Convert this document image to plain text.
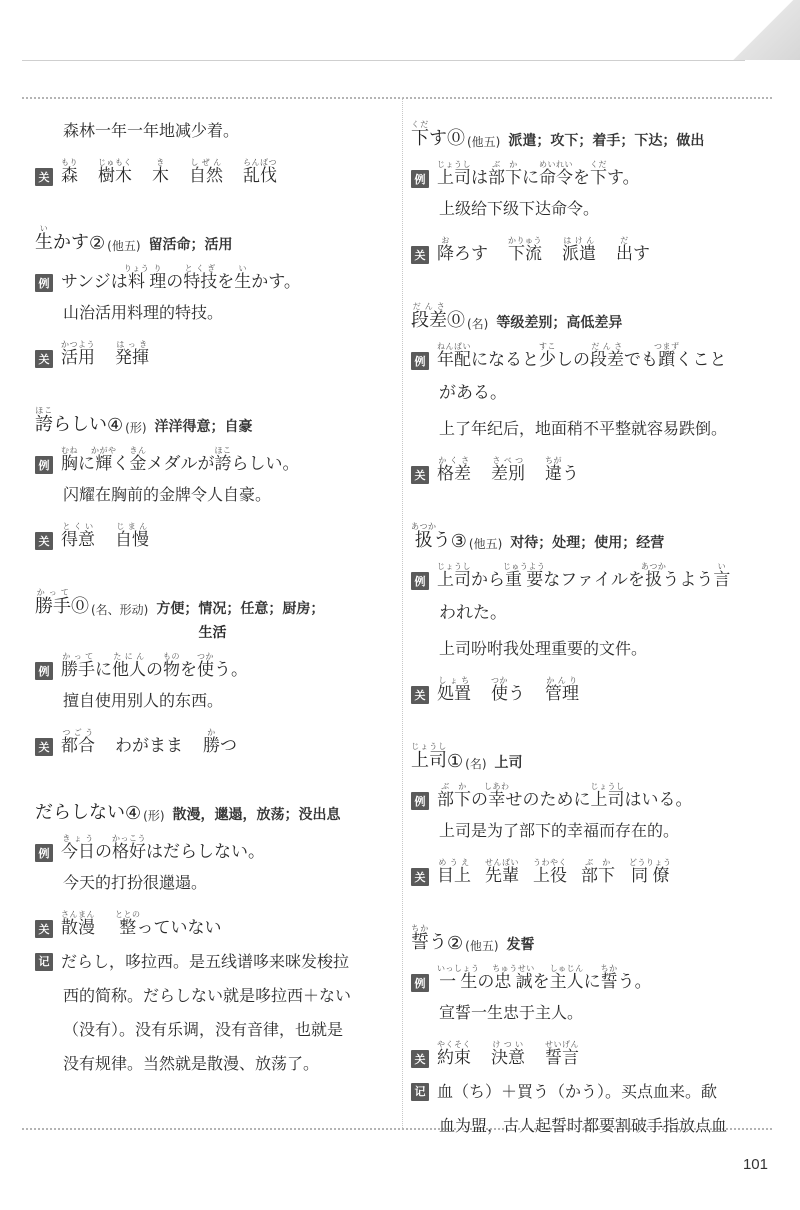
森林一年一年地减少着。
关 森もり
樹木じゅもく
木き
自然しぜん
乱伐らんばつ
生いかす ② (他五) 留活命；活用
例 サンジは料りょう理りの特技とくぎを生いかす。
山治活用料理的特技。
关 活用かつよう
発揮はっき
誇ほこらしい ④ (形) 洋洋得意；自豪
例 胸むねに輝かがやく金きんメダルが誇ほこらしい。
闪耀在胸前的金牌令人自豪。
关 得意とくい
自慢じまん
勝手かって
⓪ (名、形动) 方便；情况；任意；厨房；
生活
例 勝手かってに他人たにんの物ものを使つかう。
擅自使用别人的东西。
关 都合つごう
わがまま 勝かつ
だらしない ④ (形) 散漫，邋遢，放荡；没出息
例 今日きょうの格好かっこうはだらしない。
今天的打扮很邋遢。
关 散漫さんまん
整ととのっていない
记 だらし，哆拉西。是五线谱哆来咪发梭拉
西的简称。だらしない就是哆拉西＋ない
（没有）。没有乐调，没有音律，也就是
没有规律。当然就是散漫、放荡了。
下くだす ⓪ (他五) 派遣；攻下；着手；下达；做出
例 上司じょうしは部下ぶかに命令めいれいを下くだす。
上级给下级下达命令。
关 降おろす 下流かりゅう
派遣はけん
出だす
段差だんさ
⓪ (名) 等级差别；高低差异
例 年配ねんぱいになると少すこしの段差だんさでも躓つまずくこと
がある。
上了年纪后，地面稍不平整就容易跌倒。
关 格差かくさ
差別さべつ
違ちがう
扱あつかう ③ (他五) 对待；处理；使用；经营
例 上司じょうしから重要じゅうようなファイルを扱あつかうよう言い
われた。
上司吩咐我处理重要的文件。
关 処置しょち
使つかう 管理かんり
上司じょうし
① (名) 上司
例 部下ぶかの幸しあわせのために上司じょうしはいる。
上司是为了部下的幸福而存在的。
关 目上めうえ
先輩せんぱい
上役うわやく
部下ぶか
同僚どうりょう
誓ちかう ② (他五) 发誓
例 一生いっしょうの忠誠ちゅうせいを主人しゅじんに誓ちかう。
宣誓一生忠于主人。
关 約束やくそく
決意けつい
誓言せいげん
记 血（ち）＋買う（かう）。买点血来。歃
血为盟，古人起誓时都要割破手指放点血
101
